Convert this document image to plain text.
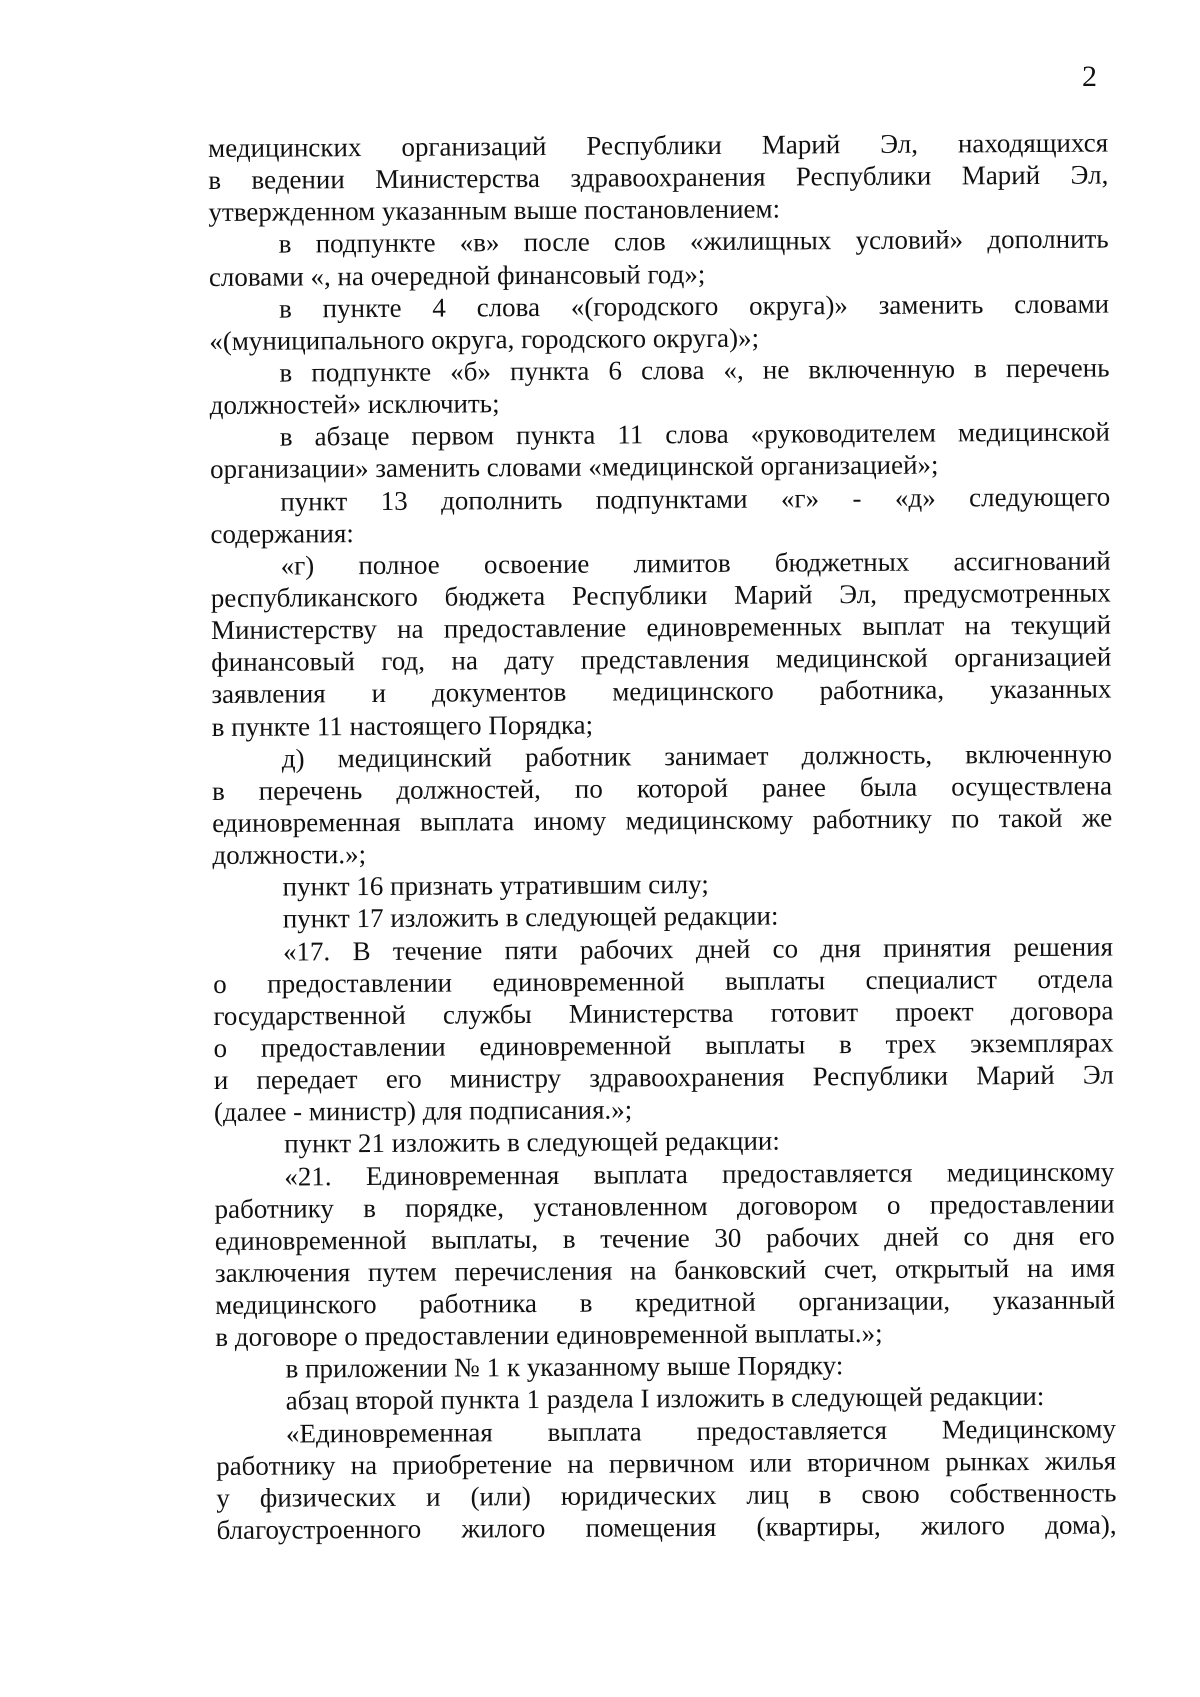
2
медицинских организаций Республики Марий Эл, находящихся
в ведении Министерства здравоохранения Республики Марий Эл,
утвержденном указанным выше постановлением:
в подпункте «в» после слов «жилищных условий» дополнить
словами «, на очередной финансовый год»;
в пункте 4 слова «(городского округа)» заменить словами
«(муниципального округа, городского округа)»;
в подпункте «б» пункта 6 слова «, не включенную в перечень
должностей» исключить;
в абзаце первом пункта 11 слова «руководителем медицинской
организации» заменить словами «медицинской организацией»;
пункт 13 дополнить подпунктами «г» - «д» следующего
содержания:
«г) полное освоение лимитов бюджетных ассигнований
республиканского бюджета Республики Марий Эл, предусмотренных
Министерству на предоставление единовременных выплат на текущий
финансовый год, на дату представления медицинской организацией
заявления и документов медицинского работника, указанных
в пункте 11 настоящего Порядка;
д) медицинский работник занимает должность, включенную
в перечень должностей, по которой ранее была осуществлена
единовременная выплата иному медицинскому работнику по такой же
должности.»;
пункт 16 признать утратившим силу;
пункт 17 изложить в следующей редакции:
«17. В течение пяти рабочих дней со дня принятия решения
о предоставлении единовременной выплаты специалист отдела
государственной службы Министерства готовит проект договора
о предоставлении единовременной выплаты в трех экземплярах
и передает его министру здравоохранения Республики Марий Эл
(далее - министр) для подписания.»;
пункт 21 изложить в следующей редакции:
«21. Единовременная выплата предоставляется медицинскому
работнику в порядке, установленном договором о предоставлении
единовременной выплаты, в течение 30 рабочих дней со дня его
заключения путем перечисления на банковский счет, открытый на имя
медицинского работника в кредитной организации, указанный
в договоре о предоставлении единовременной выплаты.»;
в приложении № 1 к указанному выше Порядку:
абзац второй пункта 1 раздела I изложить в следующей редакции:
«Единовременная выплата предоставляется Медицинскому
работнику на приобретение на первичном или вторичном рынках жилья
у физических и (или) юридических лиц в свою собственность
благоустроенного жилого помещения (квартиры, жилого дома),
